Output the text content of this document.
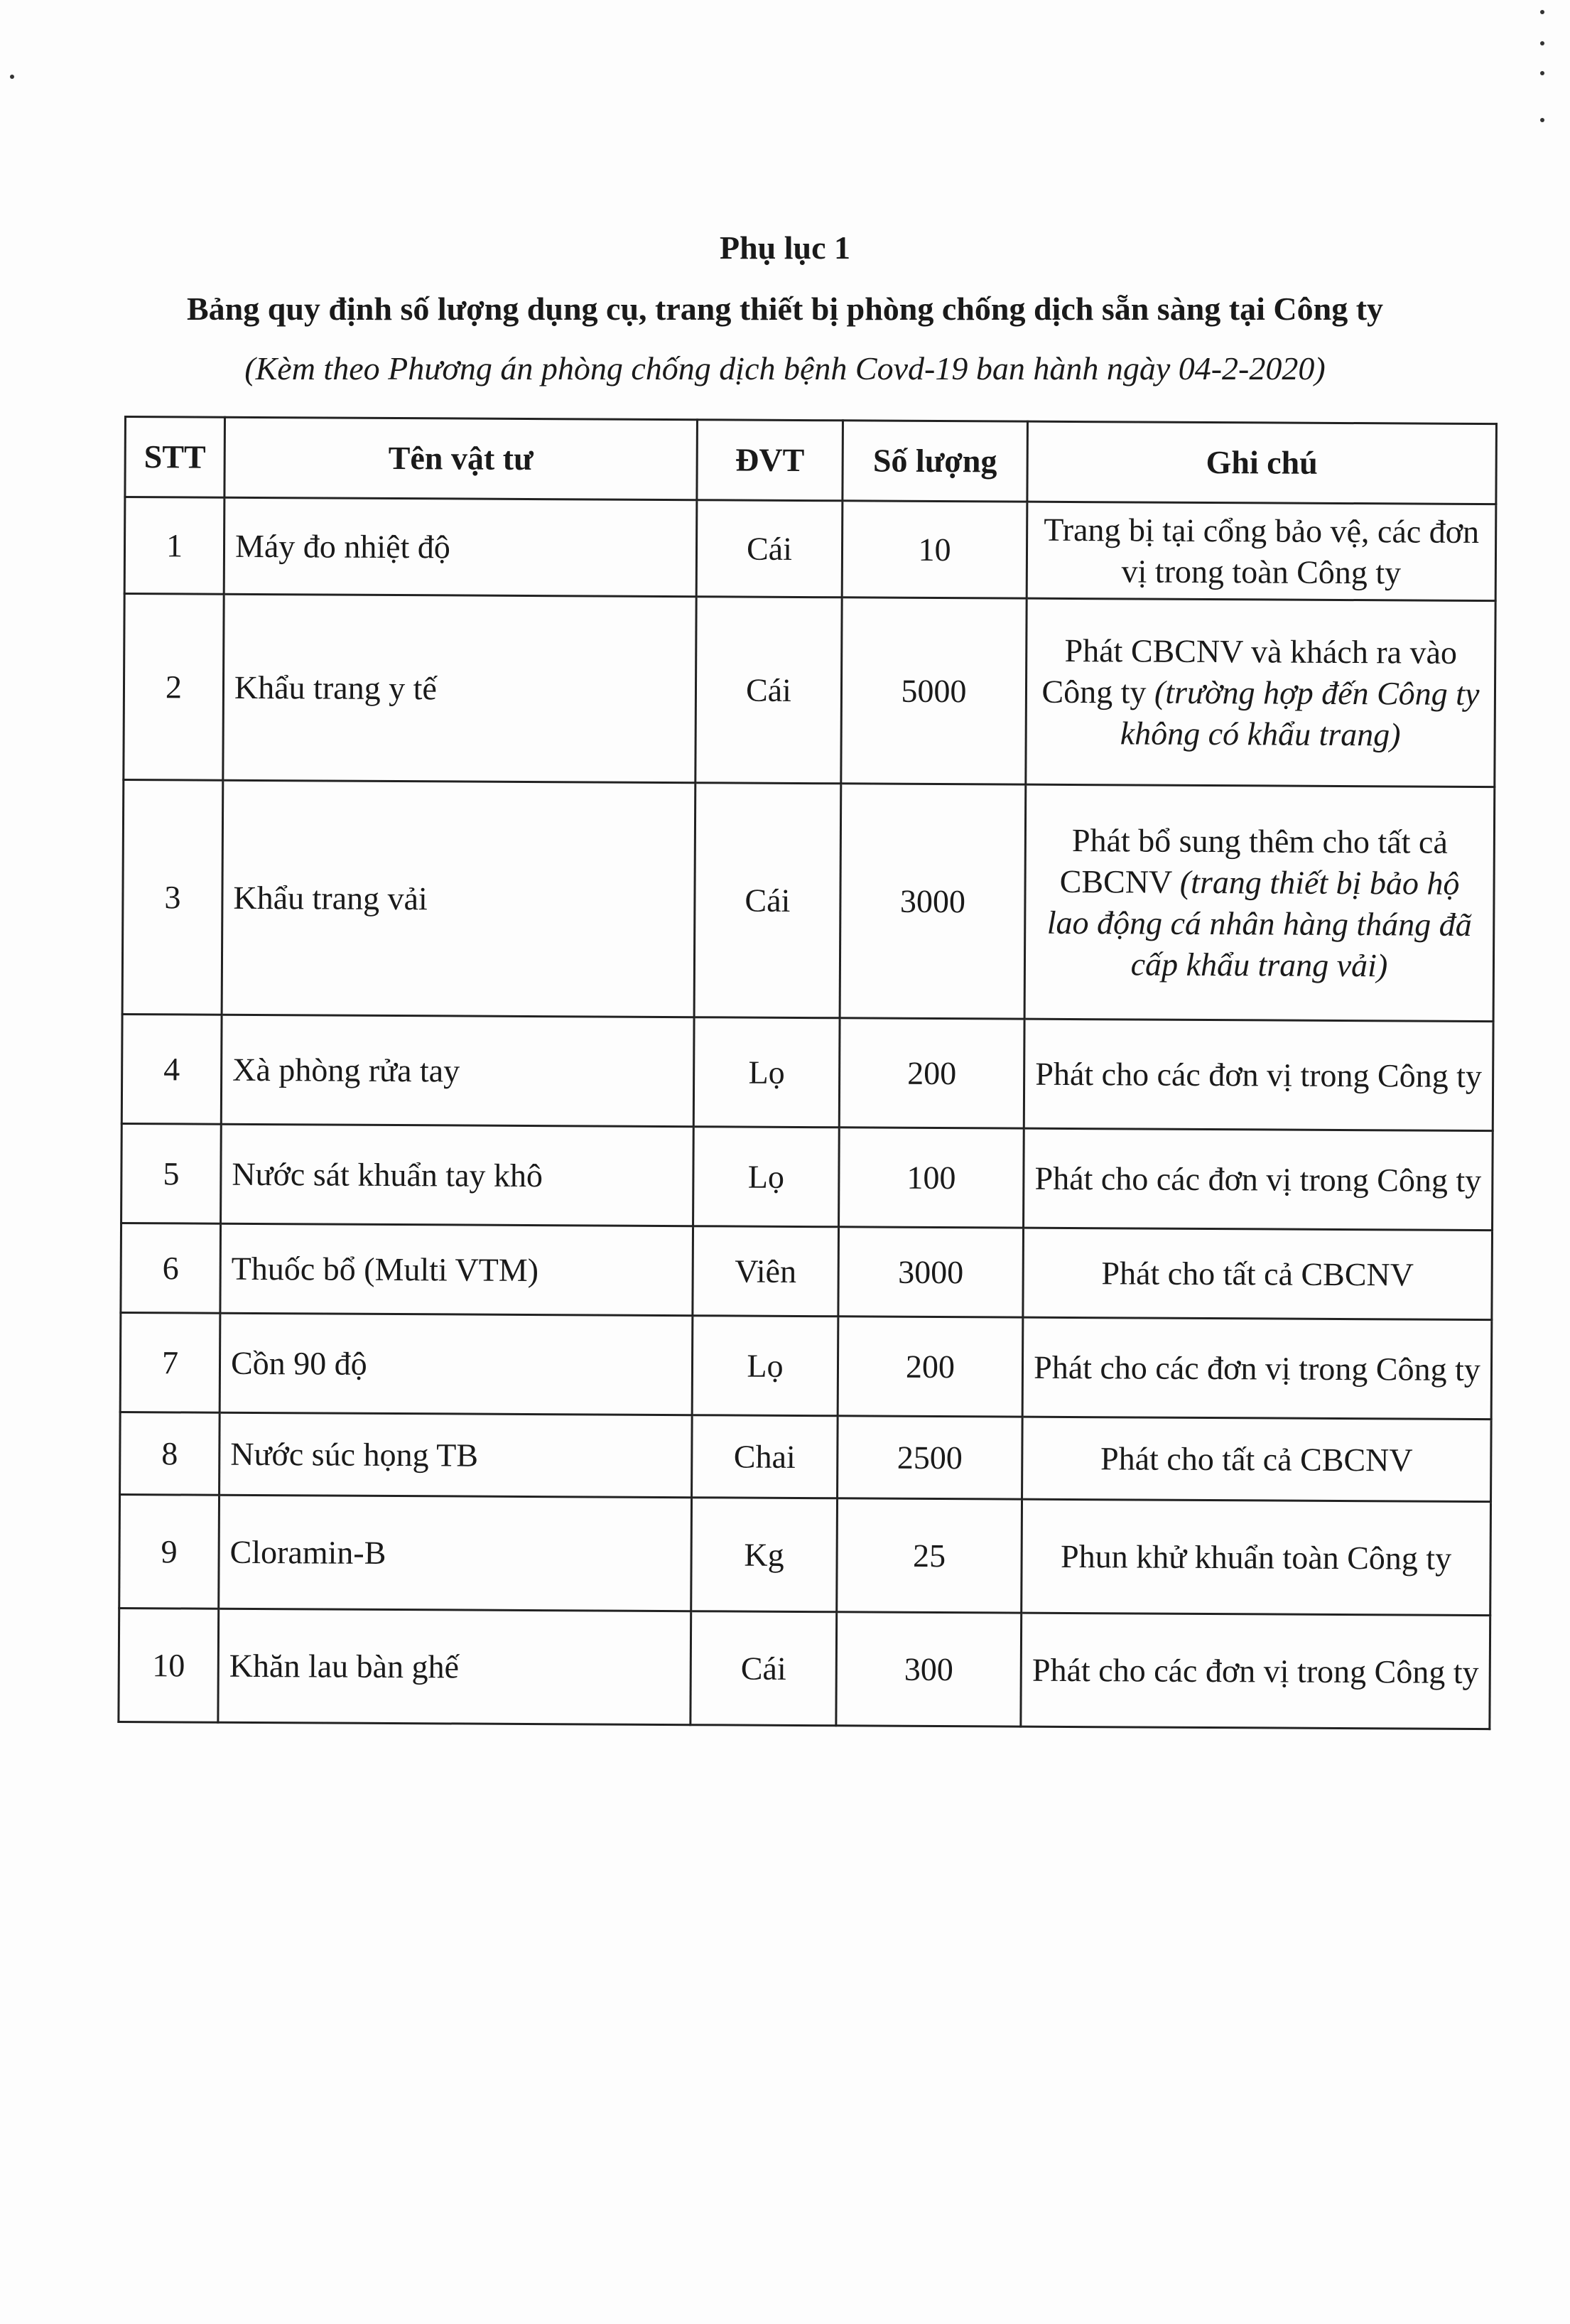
Phụ lục 1
Bảng quy định số lượng dụng cụ, trang thiết bị phòng chống dịch sẵn sàng tại Công ty
(Kèm theo Phương án phòng chống dịch bệnh Covd-19 ban hành ngày 04-2-2020)
STT	Tên vật tư	ĐVT	Số lượng	Ghi chú
1	Máy đo nhiệt độ	Cái	10	Trang bị tại cổng bảo vệ, các đơn vị trong toàn Công ty
2	Khẩu trang y tế	Cái	5000	Phát CBCNV và khách ra vào Công ty (trường hợp đến Công ty không có khẩu trang)
3	Khẩu trang vải	Cái	3000	Phát bổ sung thêm cho tất cả CBCNV (trang thiết bị bảo hộ lao động cá nhân hàng tháng đã cấp khẩu trang vải)
4	Xà phòng rửa tay	Lọ	200	Phát cho các đơn vị trong Công ty
5	Nước sát khuẩn tay khô	Lọ	100	Phát cho các đơn vị trong Công ty
6	Thuốc bổ (Multi VTM)	Viên	3000	Phát cho tất cả CBCNV
7	Cồn 90 độ	Lọ	200	Phát cho các đơn vị trong Công ty
8	Nước súc họng TB	Chai	2500	Phát cho tất cả CBCNV
9	Cloramin-B	Kg	25	Phun khử khuẩn toàn Công ty
10	Khăn lau bàn ghế	Cái	300	Phát cho các đơn vị trong Công ty
